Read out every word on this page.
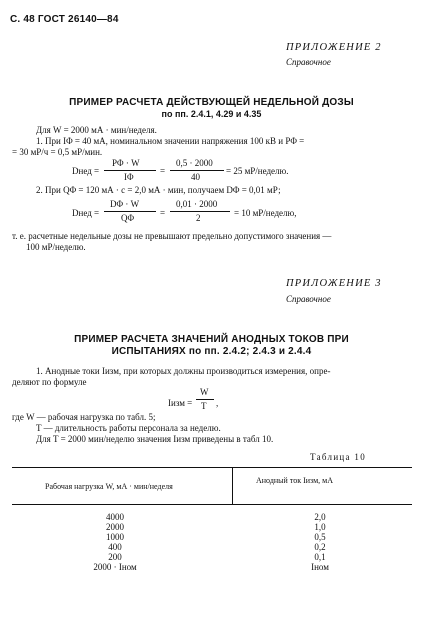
С. 48 ГОСТ 26140—84
ПРИЛОЖЕНИЕ 2
Справочное
ПРИМЕР РАСЧЕТА ДЕЙСТВУЮЩЕЙ НЕДЕЛЬНОЙ ДОЗЫ
по пп. 2.4.1, 4.29 и 4.35
Для W = 2000 мА · мин/неделя.
1. При IΦ = 40 мА, номинальном значении напряжения 100 кВ и PΦ =
= 30 мР/ч = 0,5 мР/мин.
Dнед =
PΦ · W
IΦ
=
0,5 · 2000
40
= 25 мР/неделю.
2. При QΦ = 120 мА · с = 2,0 мА · мин, получаем DΦ = 0,01 мР;
Dнед =
DΦ · W
QΦ	=
0,01 · 2000
2	= 10 мР/неделю,
т. е. расчетные недельные дозы не превышают предельно допустимого значения —
100 мР/неделю.
ПРИЛОЖЕНИЕ 3
Справочное
ПРИМЕР РАСЧЕТА ЗНАЧЕНИЙ АНОДНЫХ ТОКОВ ПРИ
ИСПЫТАНИЯХ по пп. 2.4.2; 2.4.3 и 2.4.4
1. Анодные токи Iизм, при которых должны производиться измерения, опре-
деляют по формуле
Iизм =
W
T ,
где W — рабочая нагрузка по табл. 5;
T — длительность работы персонала за неделю.
Для T = 2000 мин/неделю значения Iизм приведены в табл 10.
Таблица 10
Рабочая нагрузка W, мА · мин/неделя
Анодный ток Iизм, мА
4000	2,0
2000	1,0
1000	0,5
400	0,2
200	0,1
2000 · Iном	Iном
